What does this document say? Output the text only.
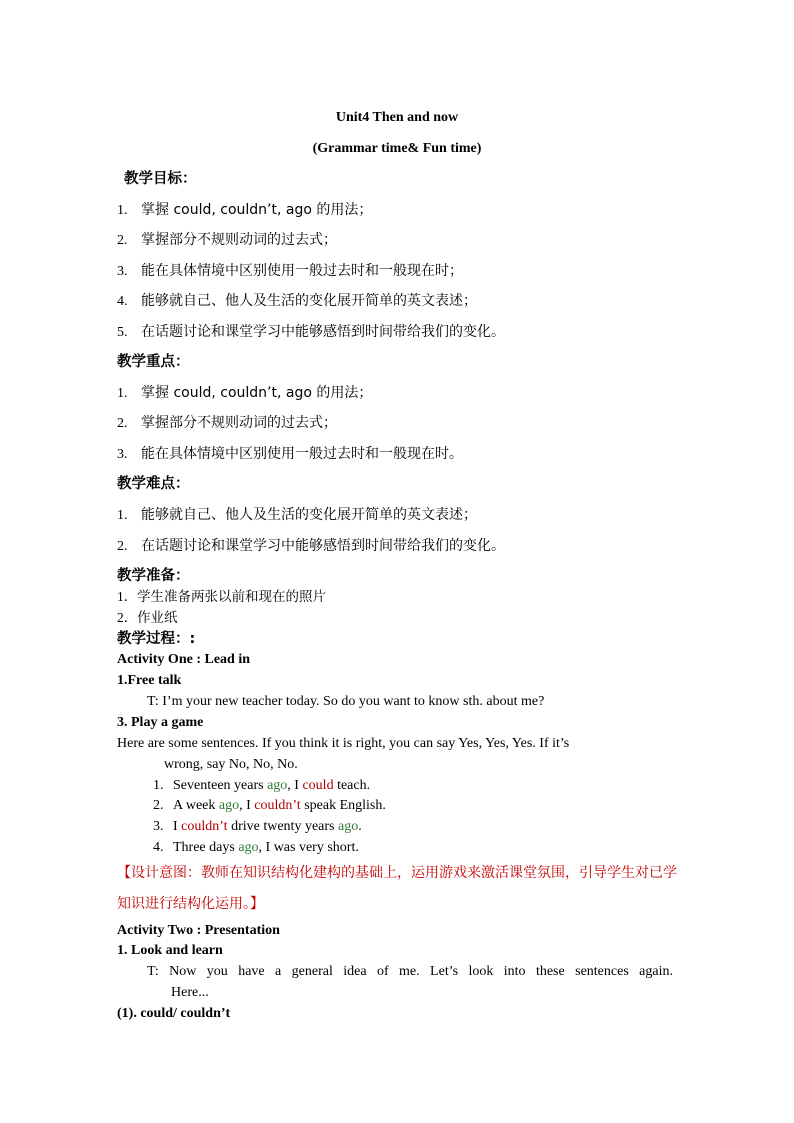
Unit4 Then and now
(Grammar time& Fun time)
教学目标：
1. 掌握 could, couldn’t, ago 的用法；
2. 掌握部分不规则动词的过去式；
3. 能在具体情境中区别使用一般过去时和一般现在时；
4. 能够就自己、他人及生活的变化展开简单的英文表述；
5. 在话题讨论和课堂学习中能够感悟到时间带给我们的变化。
教学重点：
1. 掌握 could, couldn’t, ago 的用法；
2. 掌握部分不规则动词的过去式；
3. 能在具体情境中区别使用一般过去时和一般现在时。
教学难点：
1. 能够就自己、他人及生活的变化展开简单的英文表述；
2. 在话题讨论和课堂学习中能够感悟到时间带给我们的变化。
教学准备：
1．学生准备两张以前和现在的照片
2．作业纸
教学过程：:
Activity One : Lead in
1.Free talk
T: I’m your new teacher today. So do you want to know sth. about me?
3. Play a game
Here are some sentences. If you think it is right, you can say Yes, Yes, Yes. If it’s
wrong, say No, No, No.
1. Seventeen years ago, I could teach.
2. A week ago, I couldn’t speak English.
3. I couldn’t drive twenty years ago.
4. Three days ago, I was very short.
【设计意图：教师在知识结构化建构的基础上，运用游戏来激活课堂氛围，引导学生对已学
知识进行结构化运用。】
Activity Two : Presentation
1. Look and learn
T: Now you have a general idea of me. Let’s look into these sentences again.
Here...
(1). could/ couldn’t
